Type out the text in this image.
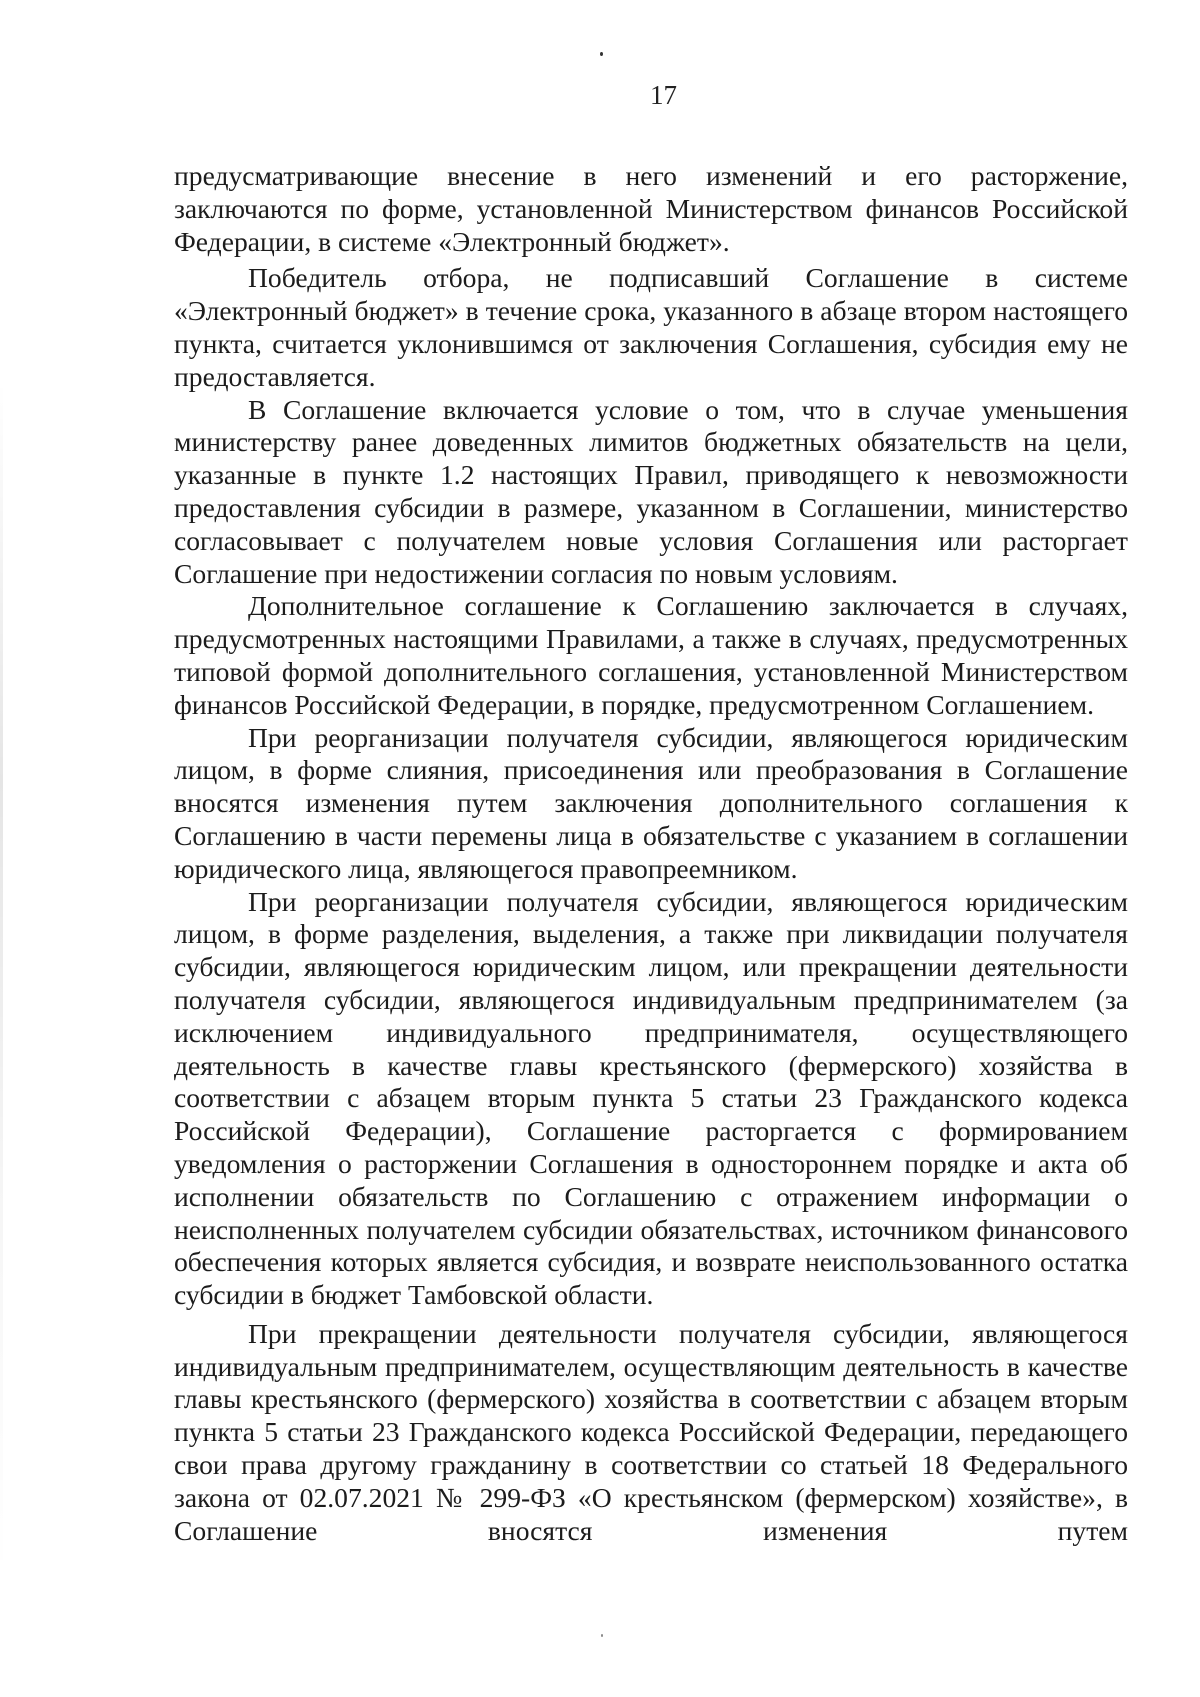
17

предусматривающие внесение в него изменений и его расторжение, заключаются по форме, установленной Министерством финансов Российской Федерации, в системе «Электронный бюджет».

Победитель отбора, не подписавший Соглашение в системе «Электронный бюджет» в течение срока, указанного в абзаце втором настоящего пункта, считается уклонившимся от заключения Соглашения, субсидия ему не предоставляется.

В Соглашение включается условие о том, что в случае уменьшения министерству ранее доведенных лимитов бюджетных обязательств на цели, указанные в пункте 1.2 настоящих Правил, приводящего к невозможности предоставления субсидии в размере, указанном в Соглашении, министерство согласовывает с получателем новые условия Соглашения или расторгает Соглашение при недостижении согласия по новым условиям.

Дополнительное соглашение к Соглашению заключается в случаях, предусмотренных настоящими Правилами, а также в случаях, предусмотренных типовой формой дополнительного соглашения, установленной Министерством финансов Российской Федерации, в порядке, предусмотренном Соглашением.

При реорганизации получателя субсидии, являющегося юридическим лицом, в форме слияния, присоединения или преобразования в Соглашение вносятся изменения путем заключения дополнительного соглашения к Соглашению в части перемены лица в обязательстве с указанием в соглашении юридического лица, являющегося правопреемником.

При реорганизации получателя субсидии, являющегося юридическим лицом, в форме разделения, выделения, а также при ликвидации получателя субсидии, являющегося юридическим лицом, или прекращении деятельности получателя субсидии, являющегося индивидуальным предпринимателем (за исключением индивидуального предпринимателя, осуществляющего деятельность в качестве главы крестьянского (фермерского) хозяйства в соответствии с абзацем вторым пункта 5 статьи 23 Гражданского кодекса Российской Федерации), Соглашение расторгается с формированием уведомления о расторжении Соглашения в одностороннем порядке и акта об исполнении обязательств по Соглашению с отражением информации о неисполненных получателем субсидии обязательствах, источником финансового обеспечения которых является субсидия, и возврате неиспользованного остатка субсидии в бюджет Тамбовской области.

При прекращении деятельности получателя субсидии, являющегося индивидуальным предпринимателем, осуществляющим деятельность в качестве главы крестьянского (фермерского) хозяйства в соответствии с абзацем вторым пункта 5 статьи 23 Гражданского кодекса Российской Федерации, передающего свои права другому гражданину в соответствии со статьей 18 Федерального закона от 02.07.2021 № 299-ФЗ «О крестьянском (фермерском) хозяйстве», в Соглашение вносятся изменения путем
